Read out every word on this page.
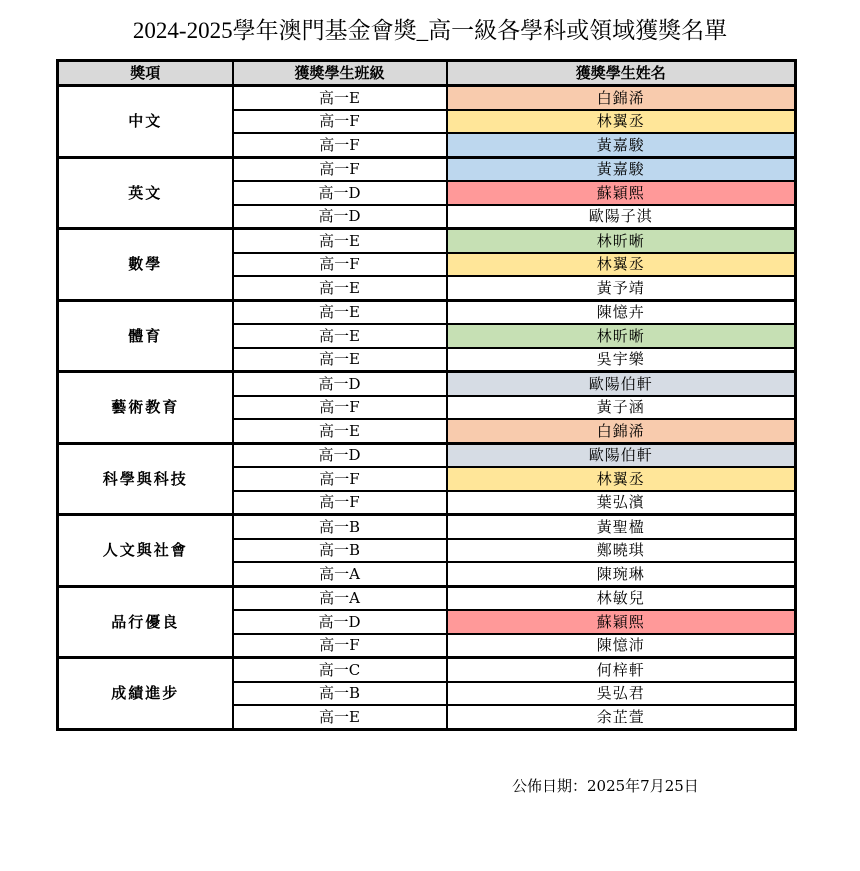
2024-2025學年澳門基金會獎_高一級各學科或領域獲獎名單
獎項	獲獎學生班級	獲獎學生姓名
中文	高一E	白錦浠
	高一F	林翼丞
	高一F	黃嘉駿
英文	高一F	黃嘉駿
	高一D	蘇穎熙
	高一D	歐陽子淇
數學	高一E	林昕晰
	高一F	林翼丞
	高一E	黃予靖
體育	高一E	陳憶卉
	高一E	林昕晰
	高一E	吳宇樂
藝術教育	高一D	歐陽伯軒
	高一F	黃子涵
	高一E	白錦浠
科學與科技	高一D	歐陽伯軒
	高一F	林翼丞
	高一F	葉弘濱
人文與社會	高一B	黃聖楹
	高一B	鄭曉琪
	高一A	陳琬琳
品行優良	高一A	林敏兒
	高一D	蘇穎熙
	高一F	陳憶沛
成績進步	高一C	何梓軒
	高一B	吳弘君
	高一E	余芷萱
公佈日期：2025年7月25日
